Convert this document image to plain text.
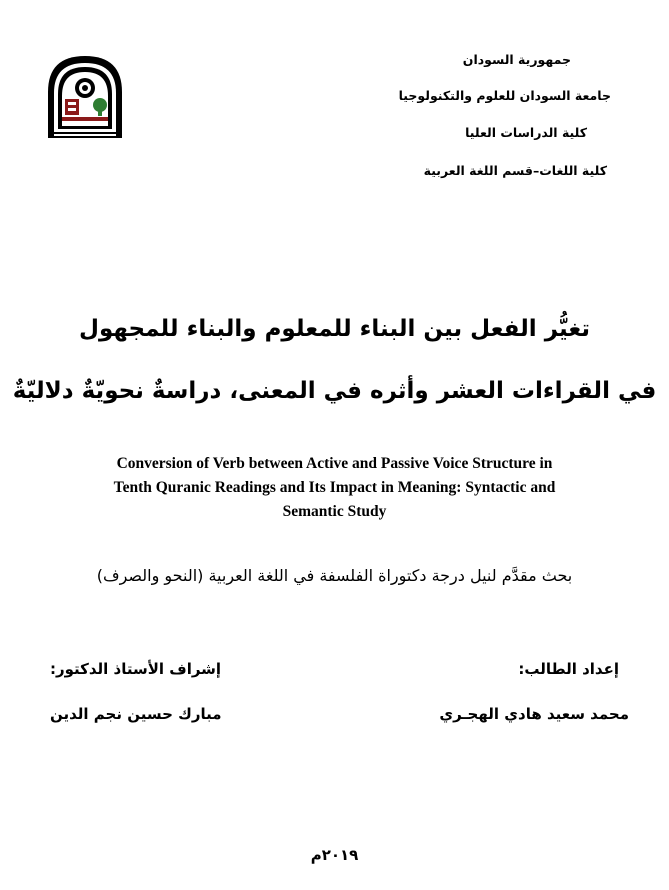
جمهورية السودان
جامعة السودان للعلوم والتكنولوجيا
كلية الدراسات العليا
كلية اللغات–قسم اللغة العربية
تغيُّر الفعل بين البناء للمعلوم والبناء للمجهول
في القراءات العشر وأثره في المعنى، دراسةٌ نحويّةٌ دلاليّةٌ
Conversion of Verb between Active and Passive Voice Structure in
Tenth Quranic Readings and Its Impact in Meaning: Syntactic and
Semantic Study
بحث مقدَّم لنيل درجة دكتوراة الفلسفة في اللغة العربية (النحو والصرف)
إعداد الطالب:
محمد سعيد هادي الهجـري
إشراف الأستاذ الدكتور:
مبارك حسين نجم الدين
٢٠١٩م
